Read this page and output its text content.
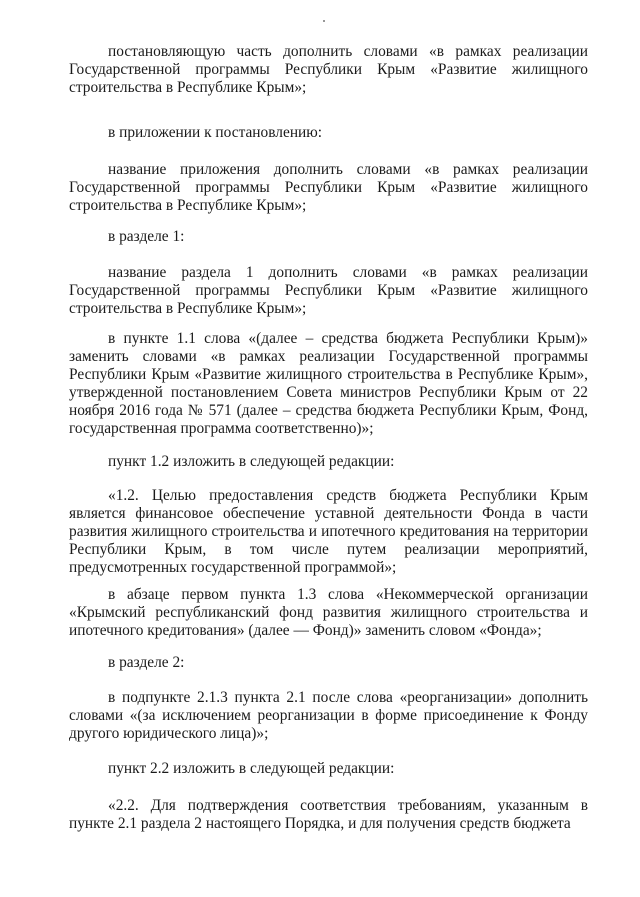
постановляющую часть дополнить словами «в рамках реализации Государственной программы Республики Крым «Развитие жилищного строительства в Республике Крым»;

в приложении к постановлению:

название приложения дополнить словами «в рамках реализации Государственной программы Республики Крым «Развитие жилищного строительства в Республике Крым»;

в разделе 1:

название раздела 1 дополнить словами «в рамках реализации Государственной программы Республики Крым «Развитие жилищного строительства в Республике Крым»;

в пункте 1.1 слова «(далее – средства бюджета Республики Крым)» заменить словами «в рамках реализации Государственной программы Республики Крым «Развитие жилищного строительства в Республике Крым», утвержденной постановлением Совета министров Республики Крым от 22 ноября 2016 года № 571 (далее – средства бюджета Республики Крым, Фонд, государственная программа соответственно)»;

пункт 1.2 изложить в следующей редакции:

«1.2. Целью предоставления средств бюджета Республики Крым является финансовое обеспечение уставной деятельности Фонда в части развития жилищного строительства и ипотечного кредитования на территории Республики Крым, в том числе путем реализации мероприятий, предусмотренных государственной программой»;

в абзаце первом пункта 1.3 слова «Некоммерческой организации «Крымский республиканский фонд развития жилищного строительства и ипотечного кредитования» (далее — Фонд)» заменить словом «Фонда»;

в разделе 2:

в подпункте 2.1.3 пункта 2.1 после слова «реорганизации» дополнить словами «(за исключением реорганизации в форме присоединение к Фонду другого юридического лица)»;

пункт 2.2 изложить в следующей редакции:

«2.2. Для подтверждения соответствия требованиям, указанным в пункте 2.1 раздела 2 настоящего Порядка, и для получения средств бюджета
